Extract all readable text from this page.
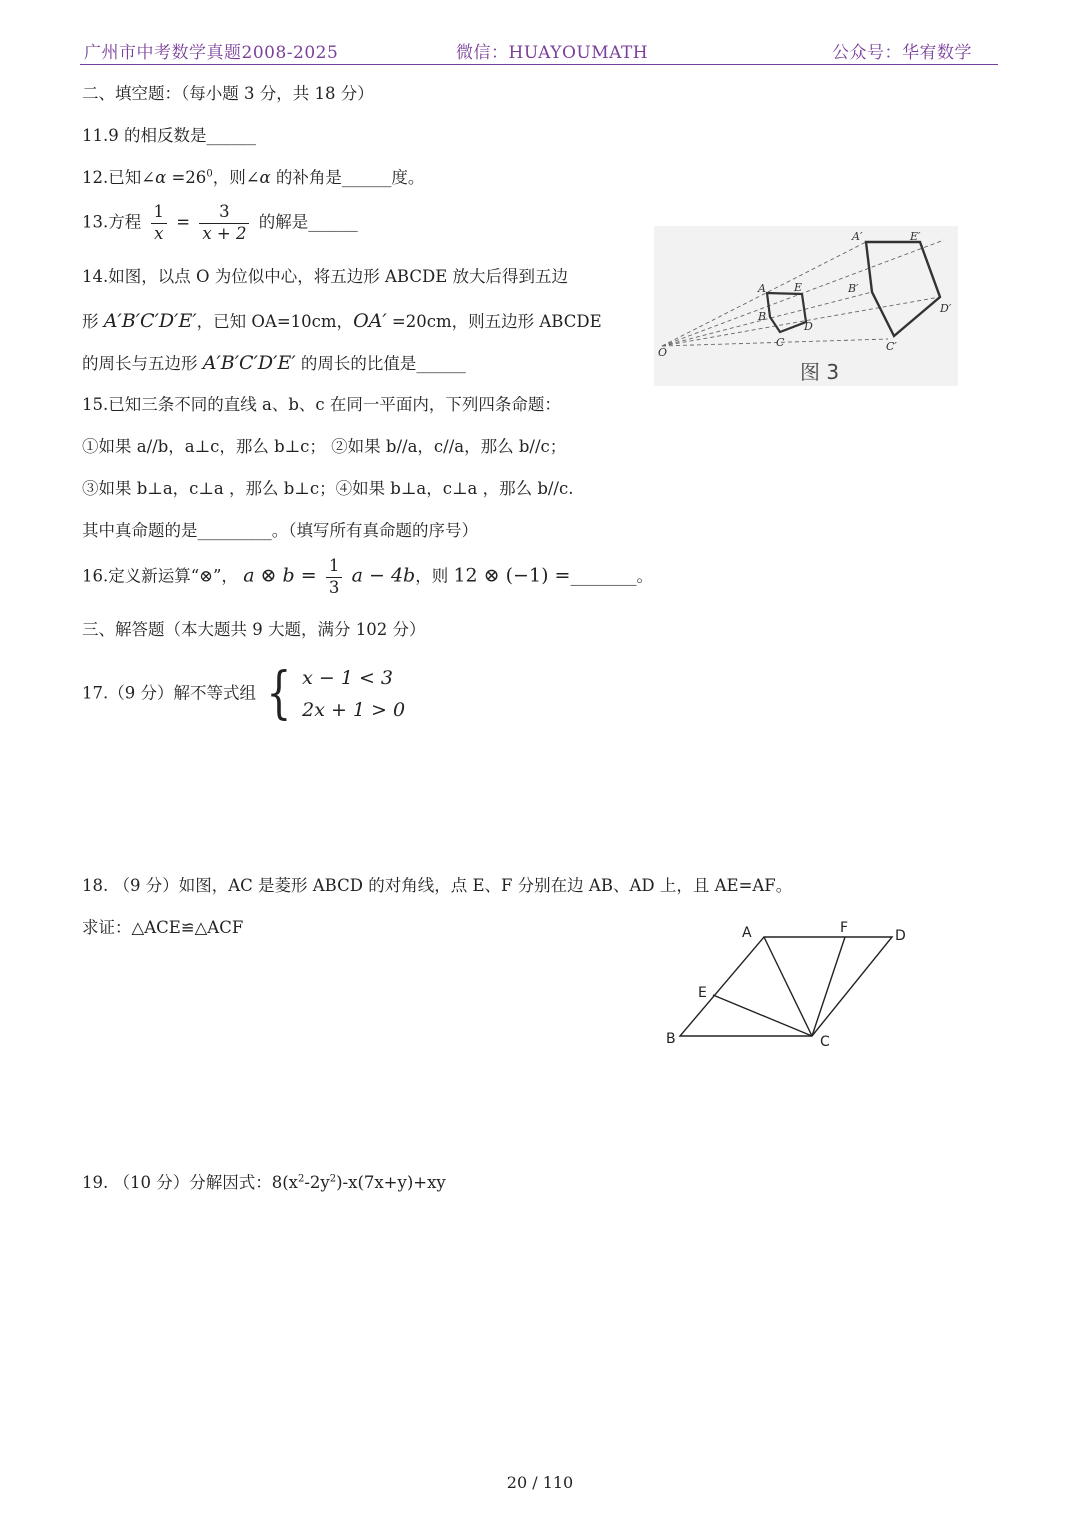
广州市中考数学真题2008-2025	微信：HUAYOUMATH	公众号：华宥数学
二、填空题：（每小题 3 分，共 18 分）
11.9 的相反数是______
12.已知∠α $=26^0$，则∠α 的补角是______度。
13.方程 $\frac{1}{x} = \frac{3}{x + 2}$ 的解是______
14.如图，以点 O 为位似中心，将五边形 ABCDE 放大后得到五边
形 A′B′C′D′E′，已知 OA=10cm，OA′ =20cm，则五边形 ABCDE
的周长与五边形 A′B′C′D′E′ 的周长的比值是______
O
A
B
C
D
E
A′
B′
C′
D′
E′
图 3
15.已知三条不同的直线 a、b、c 在同一平面内，下列四条命题：
①如果 a//b，a⊥c，那么 b⊥c； ②如果 b//a，c//a，那么 b//c；
③如果 b⊥a，c⊥a ，那么 b⊥c；④如果 b⊥a，c⊥a ，那么 b//c.
其中真命题的是_________。（填写所有真命题的序号）
16.定义新运算“⊗”， a ⊗ $b = \frac{1}{3}$ a − 4b，则 12 ⊗ (−1) =________。
三、解答题（本大题共 9 大题，满分 102 分）
17.（9 分）解不等式组 { x − 1 < 3
2x + 1 > 0
18. （9 分）如图，AC 是菱形 ABCD 的对角线，点 E、F 分别在边 AB、AD 上，且 AE=AF。
求证：△ACE≌△ACF	A	F	D
E
B	C
19. （10 分）分解因式：$8(x^2-2y^2)-x(7x+y)+xy$
20 / 110
